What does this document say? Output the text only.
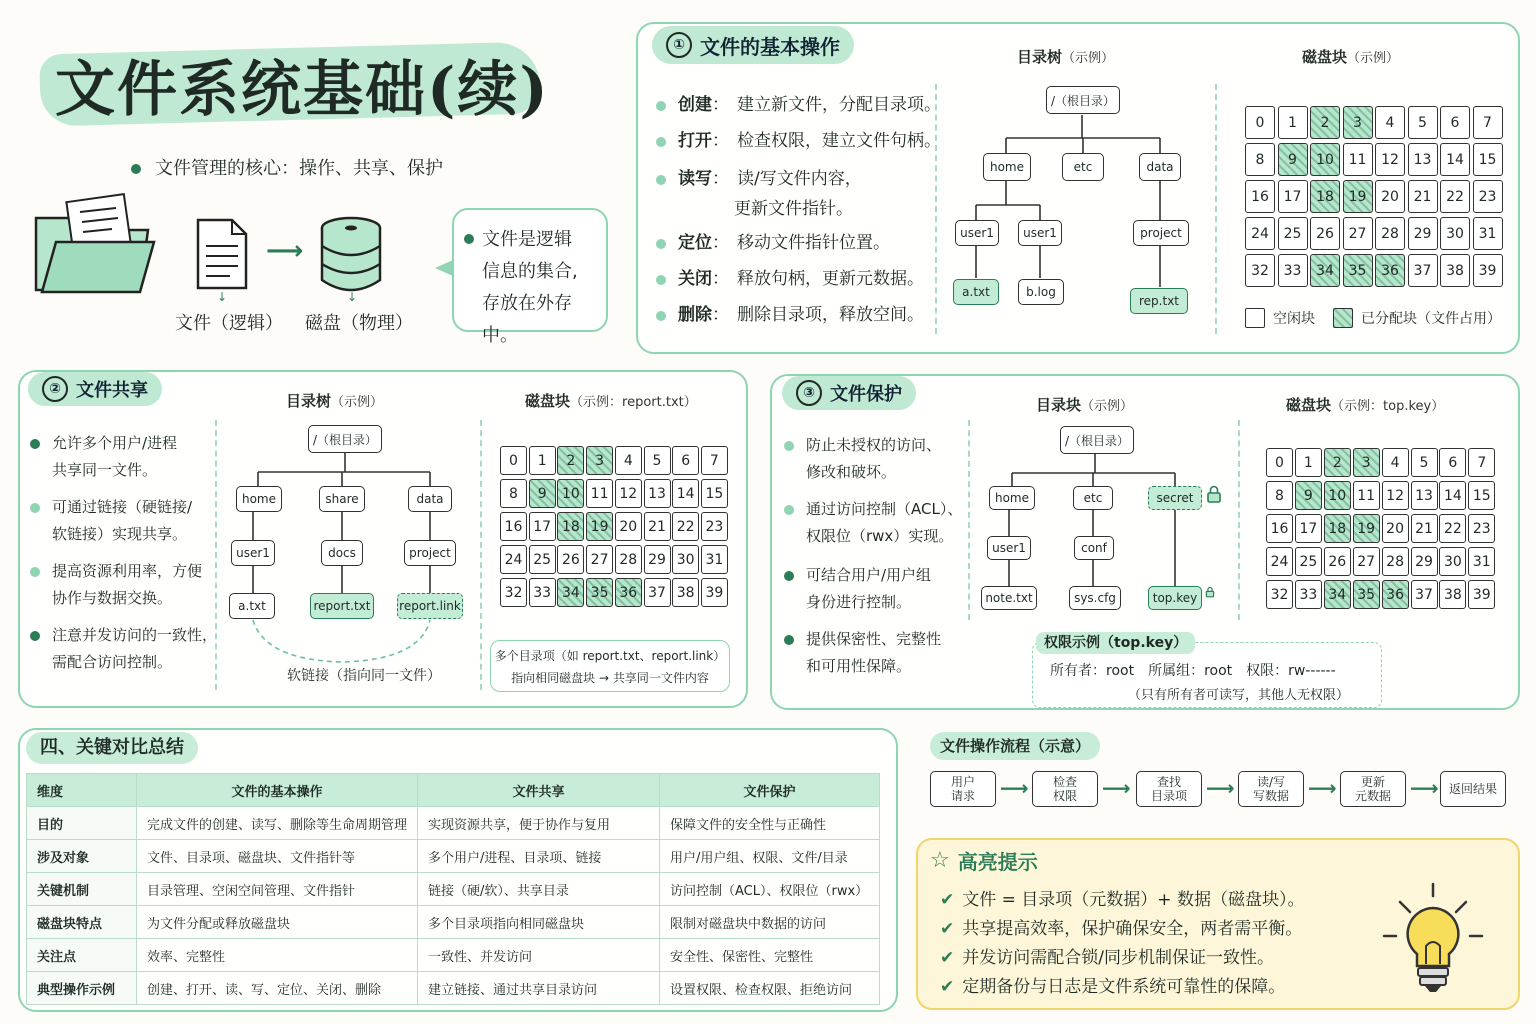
文件系统基础(续)
文件管理的核心：操作、共享、保护
⟶
↓	↓
文件（逻辑） 磁盘（物理）
文件是逻辑
信息的集合,
存放在外存中。
① 文件的基本操作
创建： 建立新文件，分配目录项。
打开： 检查权限，建立文件句柄。
读写： 读/写文件内容，
更新文件指针。
定位： 移动文件指针位置。
关闭： 释放句柄，更新元数据。
删除： 删除目录项，释放空间。
目录树（示例）
/（根目录）
home	etc	data
user1	user1	project
a.txt	b.log
rep.txt
磁盘块（示例）
空闲块	已分配块（文件占用）
② 文件共享
允许多个用户/进程
共享同一文件。
可通过链接（硬链接/
软链接）实现共享。
提高资源利用率，方便
协作与数据交换。
注意并发访问的一致性，
需配合访问控制。
目录树（示例）
/（根目录）
home	share	data
user1	docs	project
a.txt	report.txt report.link
软链接（指向同一文件）
磁盘块（示例：report.txt）
多个目录项（如 report.txt、report.link）
指向相同磁盘块 → 共享同一文件内容
③ 文件保护
防止未授权的访问、
修改和破坏。
通过访问控制（ACL）、
权限位（rwx）实现。
可结合用户/用户组
身份进行控制。
提供保密性、完整性
和可用性保障。
目录块（示例）
/（根目录）
home	etc	secret
user1	conf
note.txt	sys.cfg	top.key
磁盘块（示例：top.key）
权限示例（top.key）
所有者：root　所属组：root　权限：rw------
（只有所有者可读写，其他人无权限）
四、关键对比总结
维度	文件的基本操作	文件共享	文件保护
目的	完成文件的创建、读写、删除等生命周期管理	实现资源共享，便于协作与复用	保障文件的安全性与正确性
涉及对象	文件、目录项、磁盘块、文件指针等	多个用户/进程、目录项、链接	用户/用户组、权限、文件/目录
关键机制	目录管理、空闲空间管理、文件指针	链接（硬/软）、共享目录	访问控制（ACL）、权限位（rwx）
磁盘块特点	为文件分配或释放磁盘块	多个目录项指向相同磁盘块	限制对磁盘块中数据的访问
关注点	效率、完整性	一致性、并发访问	安全性、保密性、完整性
典型操作示例	创建、打开、读、写、定位、关闭、删除	建立链接、通过共享目录访问	设置权限、检查权限、拒绝访问
文件操作流程（示意）
用户
请求 ⟶ 检查
权限 ⟶	查找
目录项 ⟶	读/写
写数据 ⟶	更新
元数据 ⟶ 返回结果
☆ 高亮提示
✔ 文件 = 目录项（元数据）+ 数据（磁盘块）。
✔ 共享提高效率，保护确保安全，两者需平衡。
✔ 并发访问需配合锁/同步机制保证一致性。
✔ 定期备份与日志是文件系统可靠性的保障。
0	1	2	3	4	5	6	7
8	9	10	11	12	13	14	15
16	17	18	19	20	21	22	23
24	25	26	27	28	29	30	31
32	33	34	35	36	37	38	39
0	1	2	3	4	5	6	7
8	9	10 11 12 13 14 15
16 17 18 19 20 21 22 23
24 25 26 27 28 29 30 31
32 33 34 35 36 37 38 39
0	1	2	3	4	5	6	7
8	9	10 11 12 13 14 15
16 17 18 19 20 21 22 23
24 25 26 27 28 29 30 31
32 33 34 35 36 37 38 39
